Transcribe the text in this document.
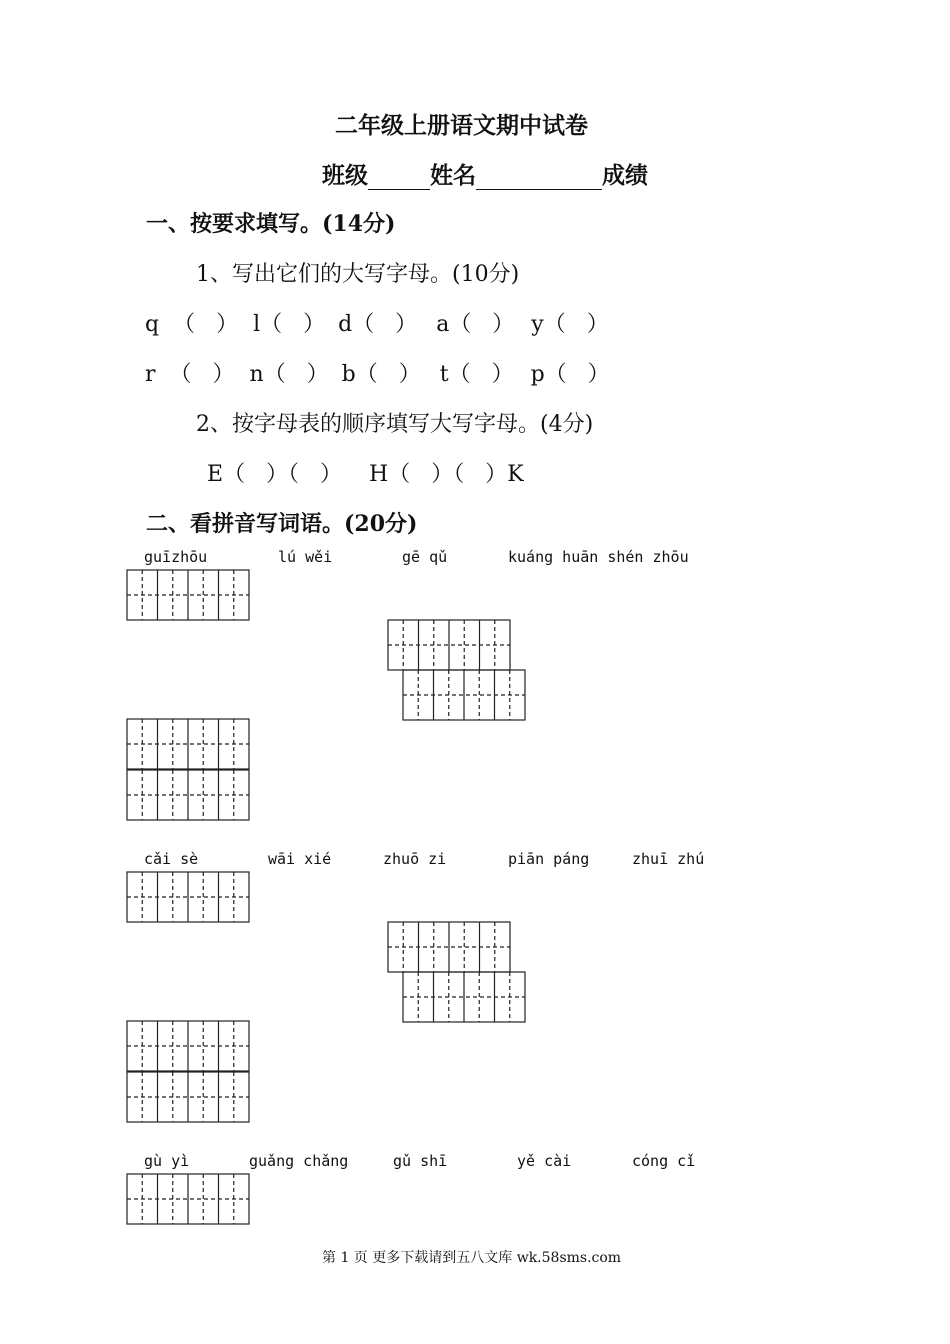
二年级上册语文期中试卷
班级	姓名	成绩
一、按要求填写。(14分)
1、写出它们的大写字母。(10分)
q （   ） l（   ） d（   ） a（   ） y（   ）
r （   ） n（   ） b（   ） t（   ） p（   ）
2、按字母表的顺序填写大写字母。(4分)
E（   ）（   ） H（   ）（   ）K
二、看拼音写词语。(20分)
guīzhōu	lú wěi	gē qǔ	kuáng huān shén zhōu
cǎi sè	wāi xié	zhuō zi	piān páng	zhuī zhú
gù yì	guǎng chǎng	gǔ shī	yě cài	cóng cǐ
第 1 页 更多下载请到五八文库 wk.58sms.com
